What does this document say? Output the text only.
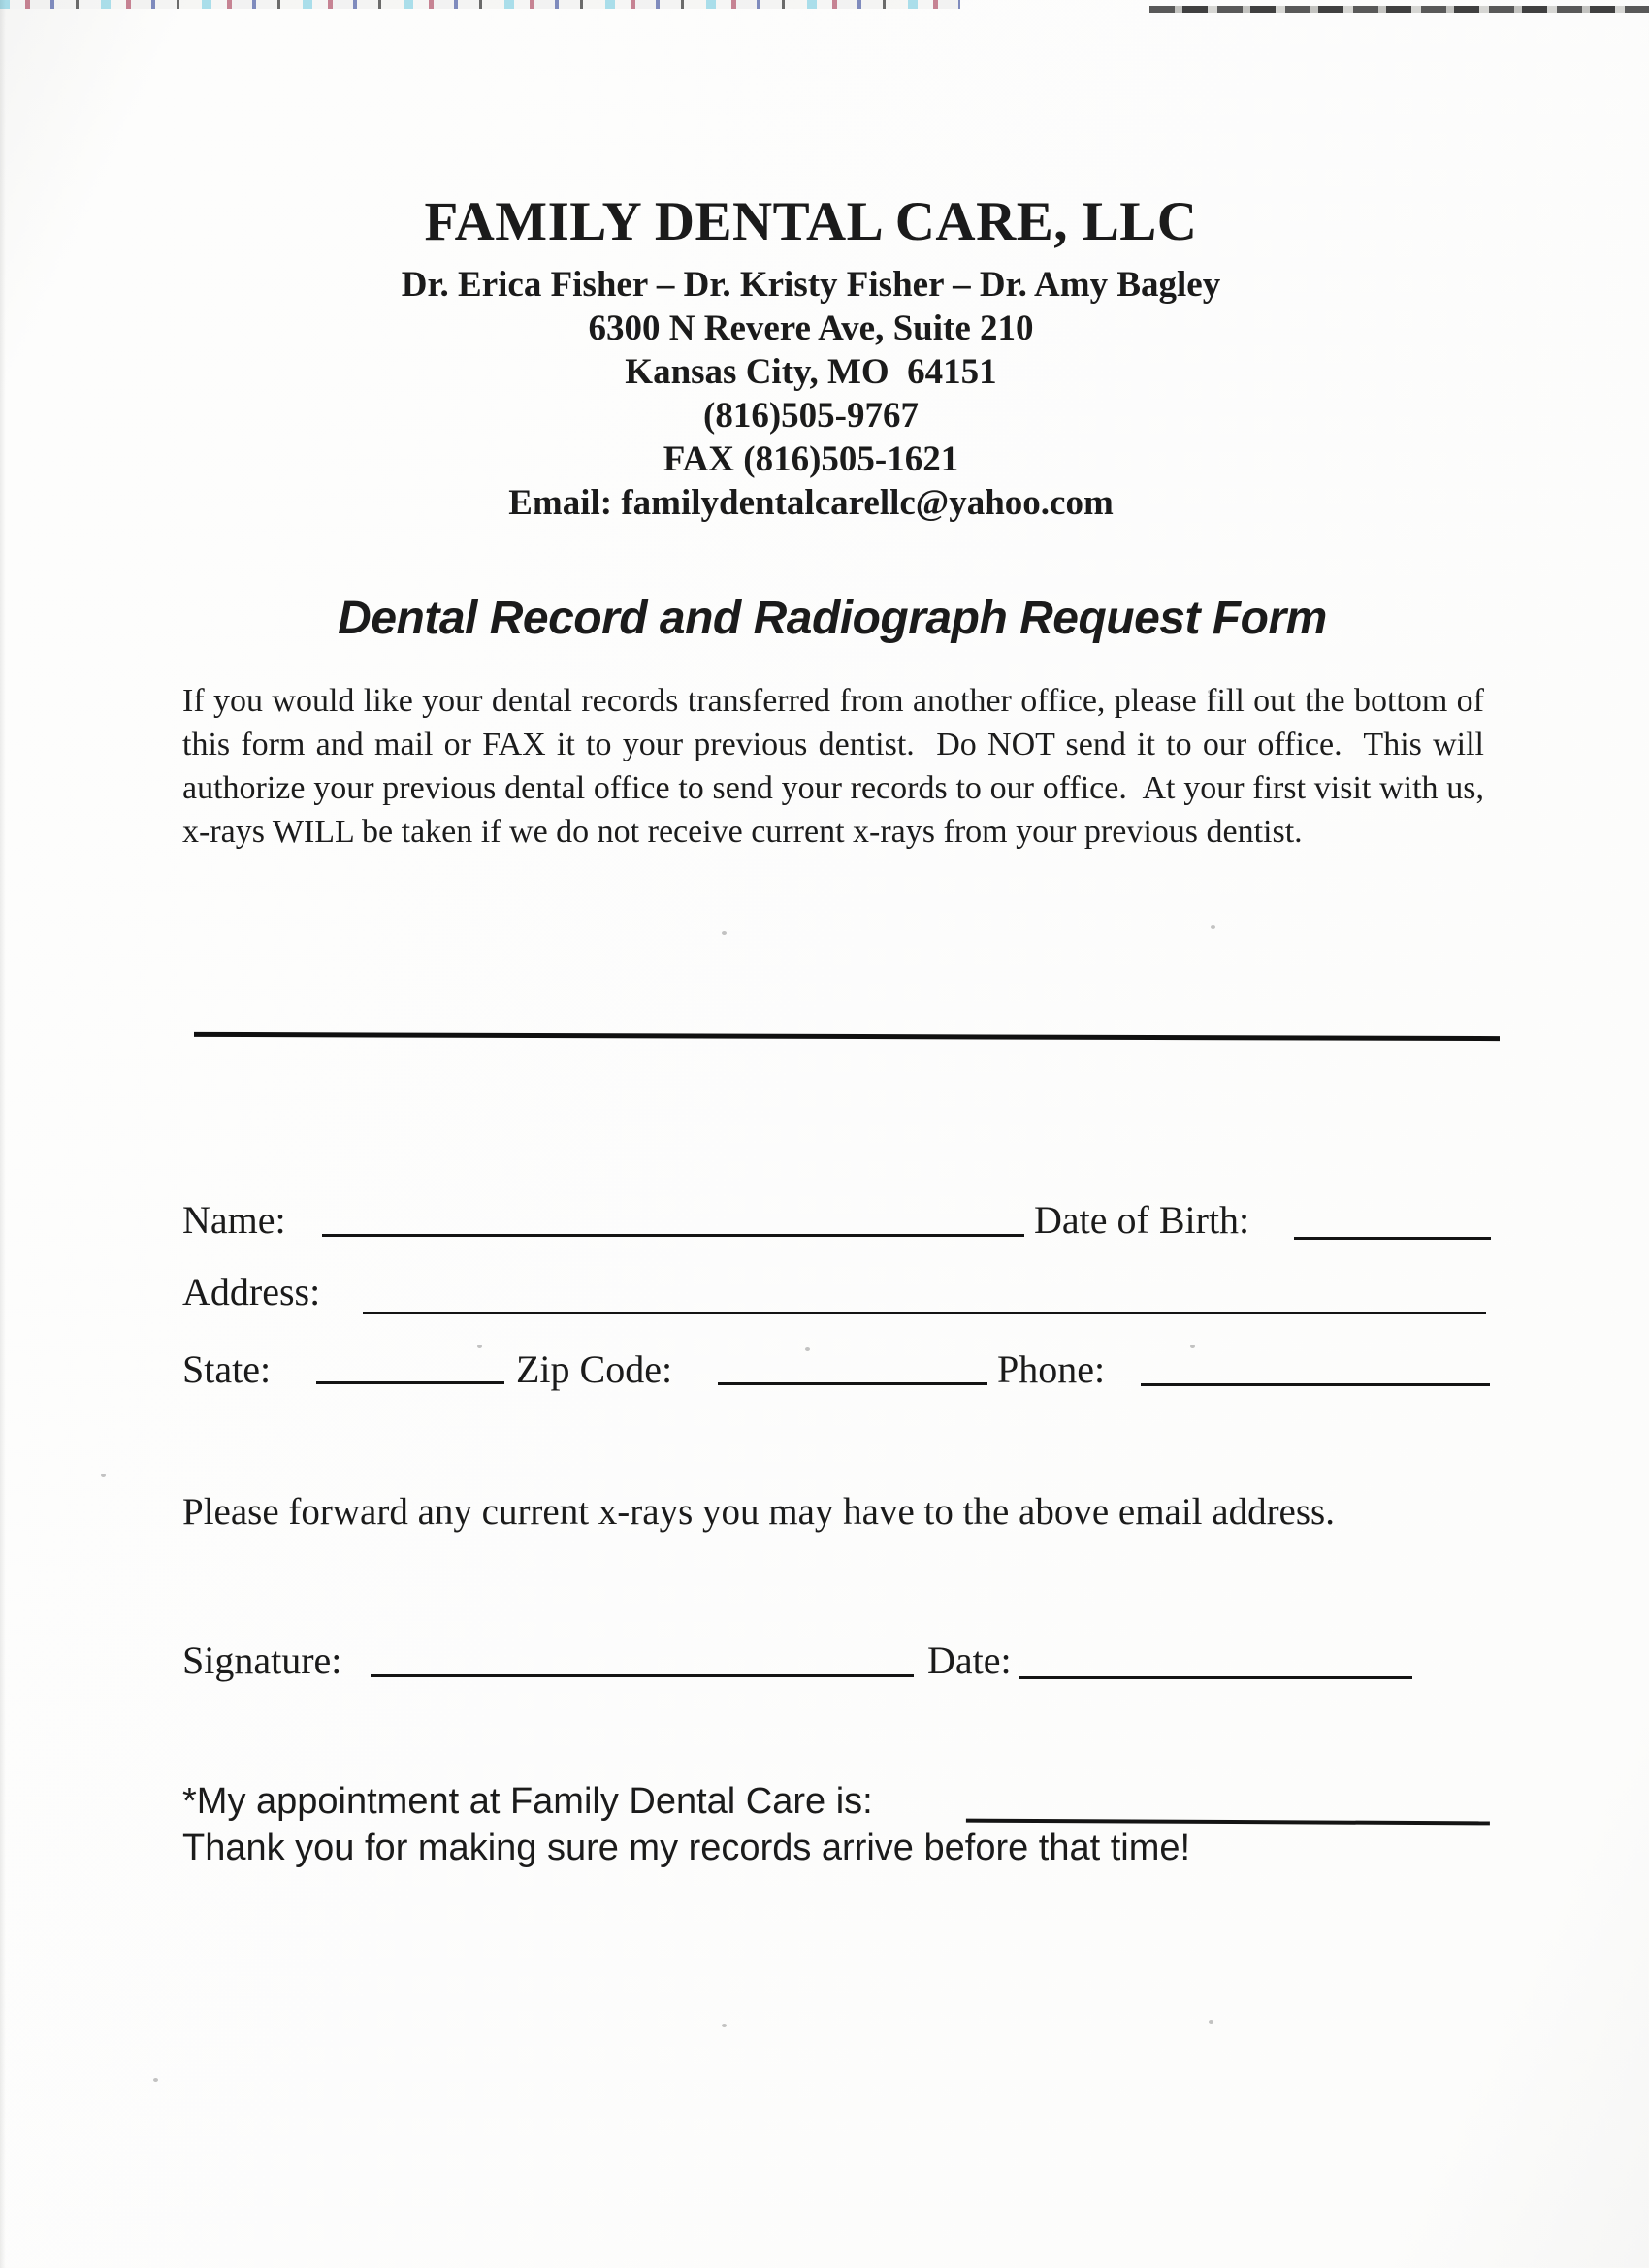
FAMILY DENTAL CARE, LLC
Dr. Erica Fisher – Dr. Kristy Fisher – Dr. Amy Bagley
6300 N Revere Ave, Suite 210
Kansas City, MO  64151
(816)505-9767
FAX (816)505-1621
Email: familydentalcarellc@yahoo.com
Dental Record and Radiograph Request Form
If you would like your dental records transferred from another office, please fill out the bottom of this form and mail or FAX it to your previous dentist.  Do NOT send it to our office.  This will authorize your previous dental office to send your records to our office.  At your first visit with us, x-rays WILL be taken if we do not receive current x-rays from your previous dentist.
Name:	Date of Birth:
Address:
State:	Zip Code:	Phone:
Please forward any current x-rays you may have to the above email address.
Signature:	Date:
*My appointment at Family Dental Care is:
Thank you for making sure my records arrive before that time!
